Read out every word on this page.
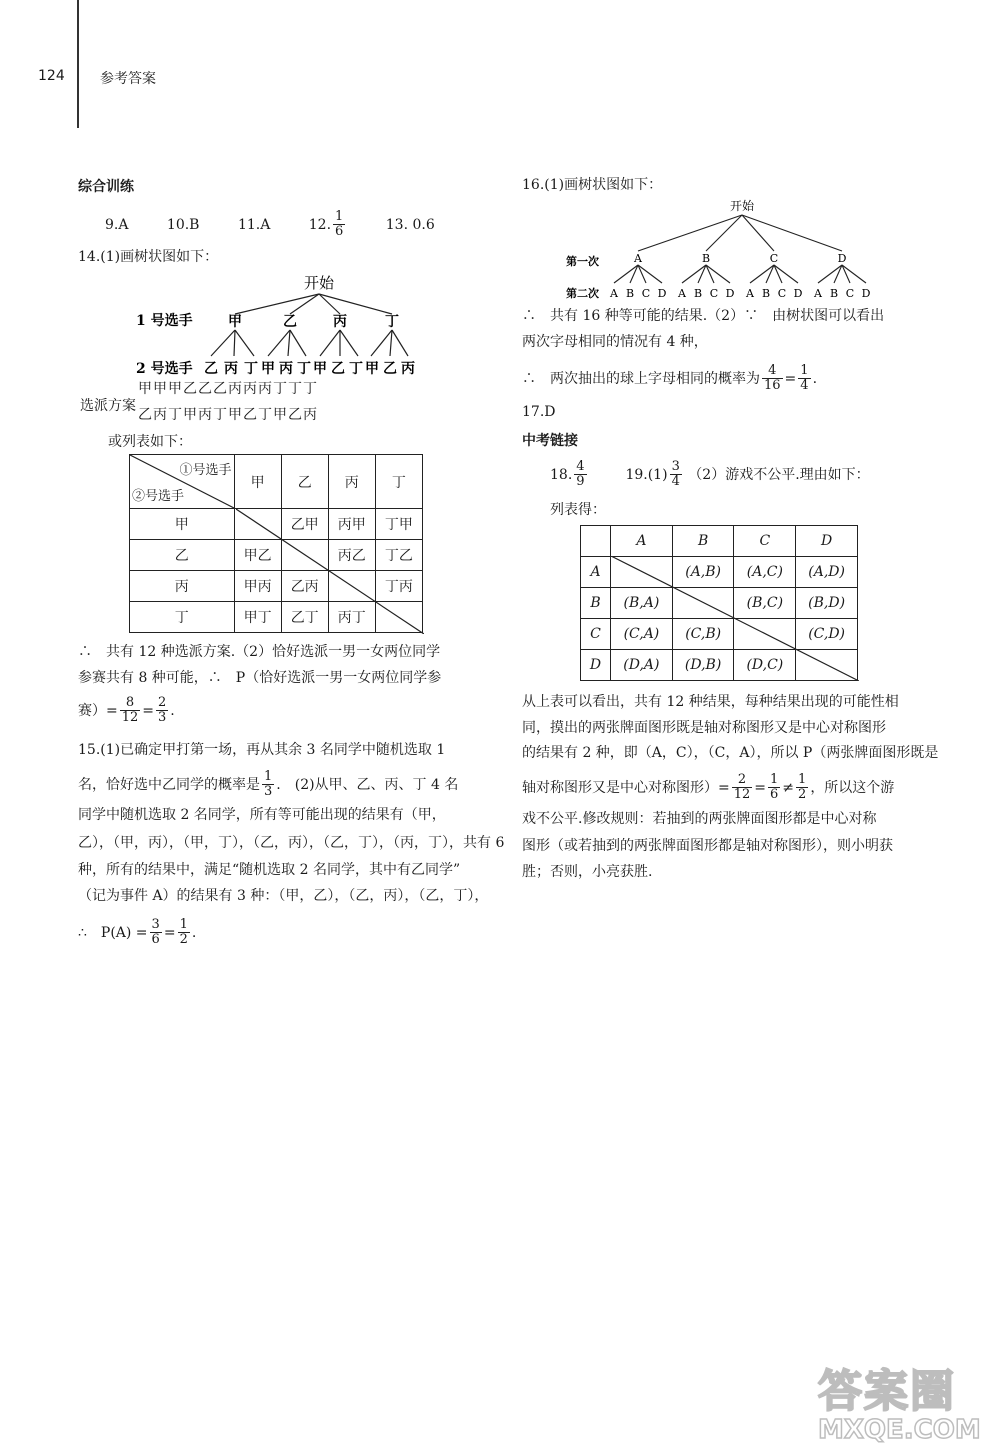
124	参考答案
综合训练
9.A	10.B	11.A	12. $\frac{1}{6}$	13. 0.6
14.(1)画树状图如下：
开始
1 号选手
2 号选手
甲	乙	丙	丁
乙 丙 丁 甲 丙 丁 甲 乙 丁 甲 乙 丙
甲甲甲乙乙乙丙丙丙丁丁丁
选派方案
乙丙丁甲丙丁甲乙丁甲乙丙
或列表如下：
①号选手
②号选手	甲	乙	丙	丁
甲		乙甲	丙甲	丁甲
乙	甲乙		丙乙	丁乙
丙	甲丙	乙丙		丁丙
丁	甲丁	乙丁	丙丁	
∴　共有 12 种选派方案.（2）恰好选派一男一女两位同学
参赛共有 8 种可能，∴　P（恰好选派一男一女两位同学参
赛）= $\frac{8}{12} = \frac{2}{3}$ .
15.(1)已确定甲打第一场，再从其余 3 名同学中随机选取 1
名，恰好选中乙同学的概率是 $\frac{1}{3}$ .　(2)从甲、乙、丙、丁 4 名
同学中随机选取 2 名同学，所有等可能出现的结果有（甲，
乙），（甲，丙），（甲，丁），（乙，丙），（乙，丁），（丙，丁），共有 6
种，所有的结果中，满足“随机选取 2 名同学，其中有乙同学”
（记为事件 A）的结果有 3 种：（甲，乙），（乙，丙），（乙，丁），
∴　$P(A) = \frac{3}{6} = \frac{1}{2}$ .
16.(1)画树状图如下：
开始
第一次
第二次
A	B	C	D
A B C D A B C D A B C D A B C D
∴　共有 16 种等可能的结果.（2）∵　由树状图可以看出
两次字母相同的情况有 4 种，
∴　两次抽出的球上字母相同的概率为 $\frac{4}{16} = \frac{1}{4}$ .
17.D
中考链接
18. $\frac{4}{9}$	$19.(1) \frac{3}{4} (2)$游戏不公平.理由如下：
列表得：
	A	B	C	D
A		(A,B)	(A,C)	(A,D)
B	(B,A)		(B,C)	(B,D)
C	(C,A)	(C,B)		(C,D)
D	(D,A)	(D,B)	(D,C)	
从上表可以看出，共有 12 种结果，每种结果出现的可能性相
同，摸出的两张牌面图形既是轴对称图形又是中心对称图形
的结果有 2 种，即（A，C），（C，A），所以 P（两张牌面图形既是
轴对称图形又是中心对称图形）= $\frac{2}{12} = \frac{1}{6} \ne \frac{1}{2}$ ，所以这个游
戏不公平.修改规则：若抽到的两张牌面图形都是中心对称
图形（或若抽到的两张牌面图形都是轴对称图形），则小明获
胜；否则，小亮获胜.
答案圈
MXQE.COM
